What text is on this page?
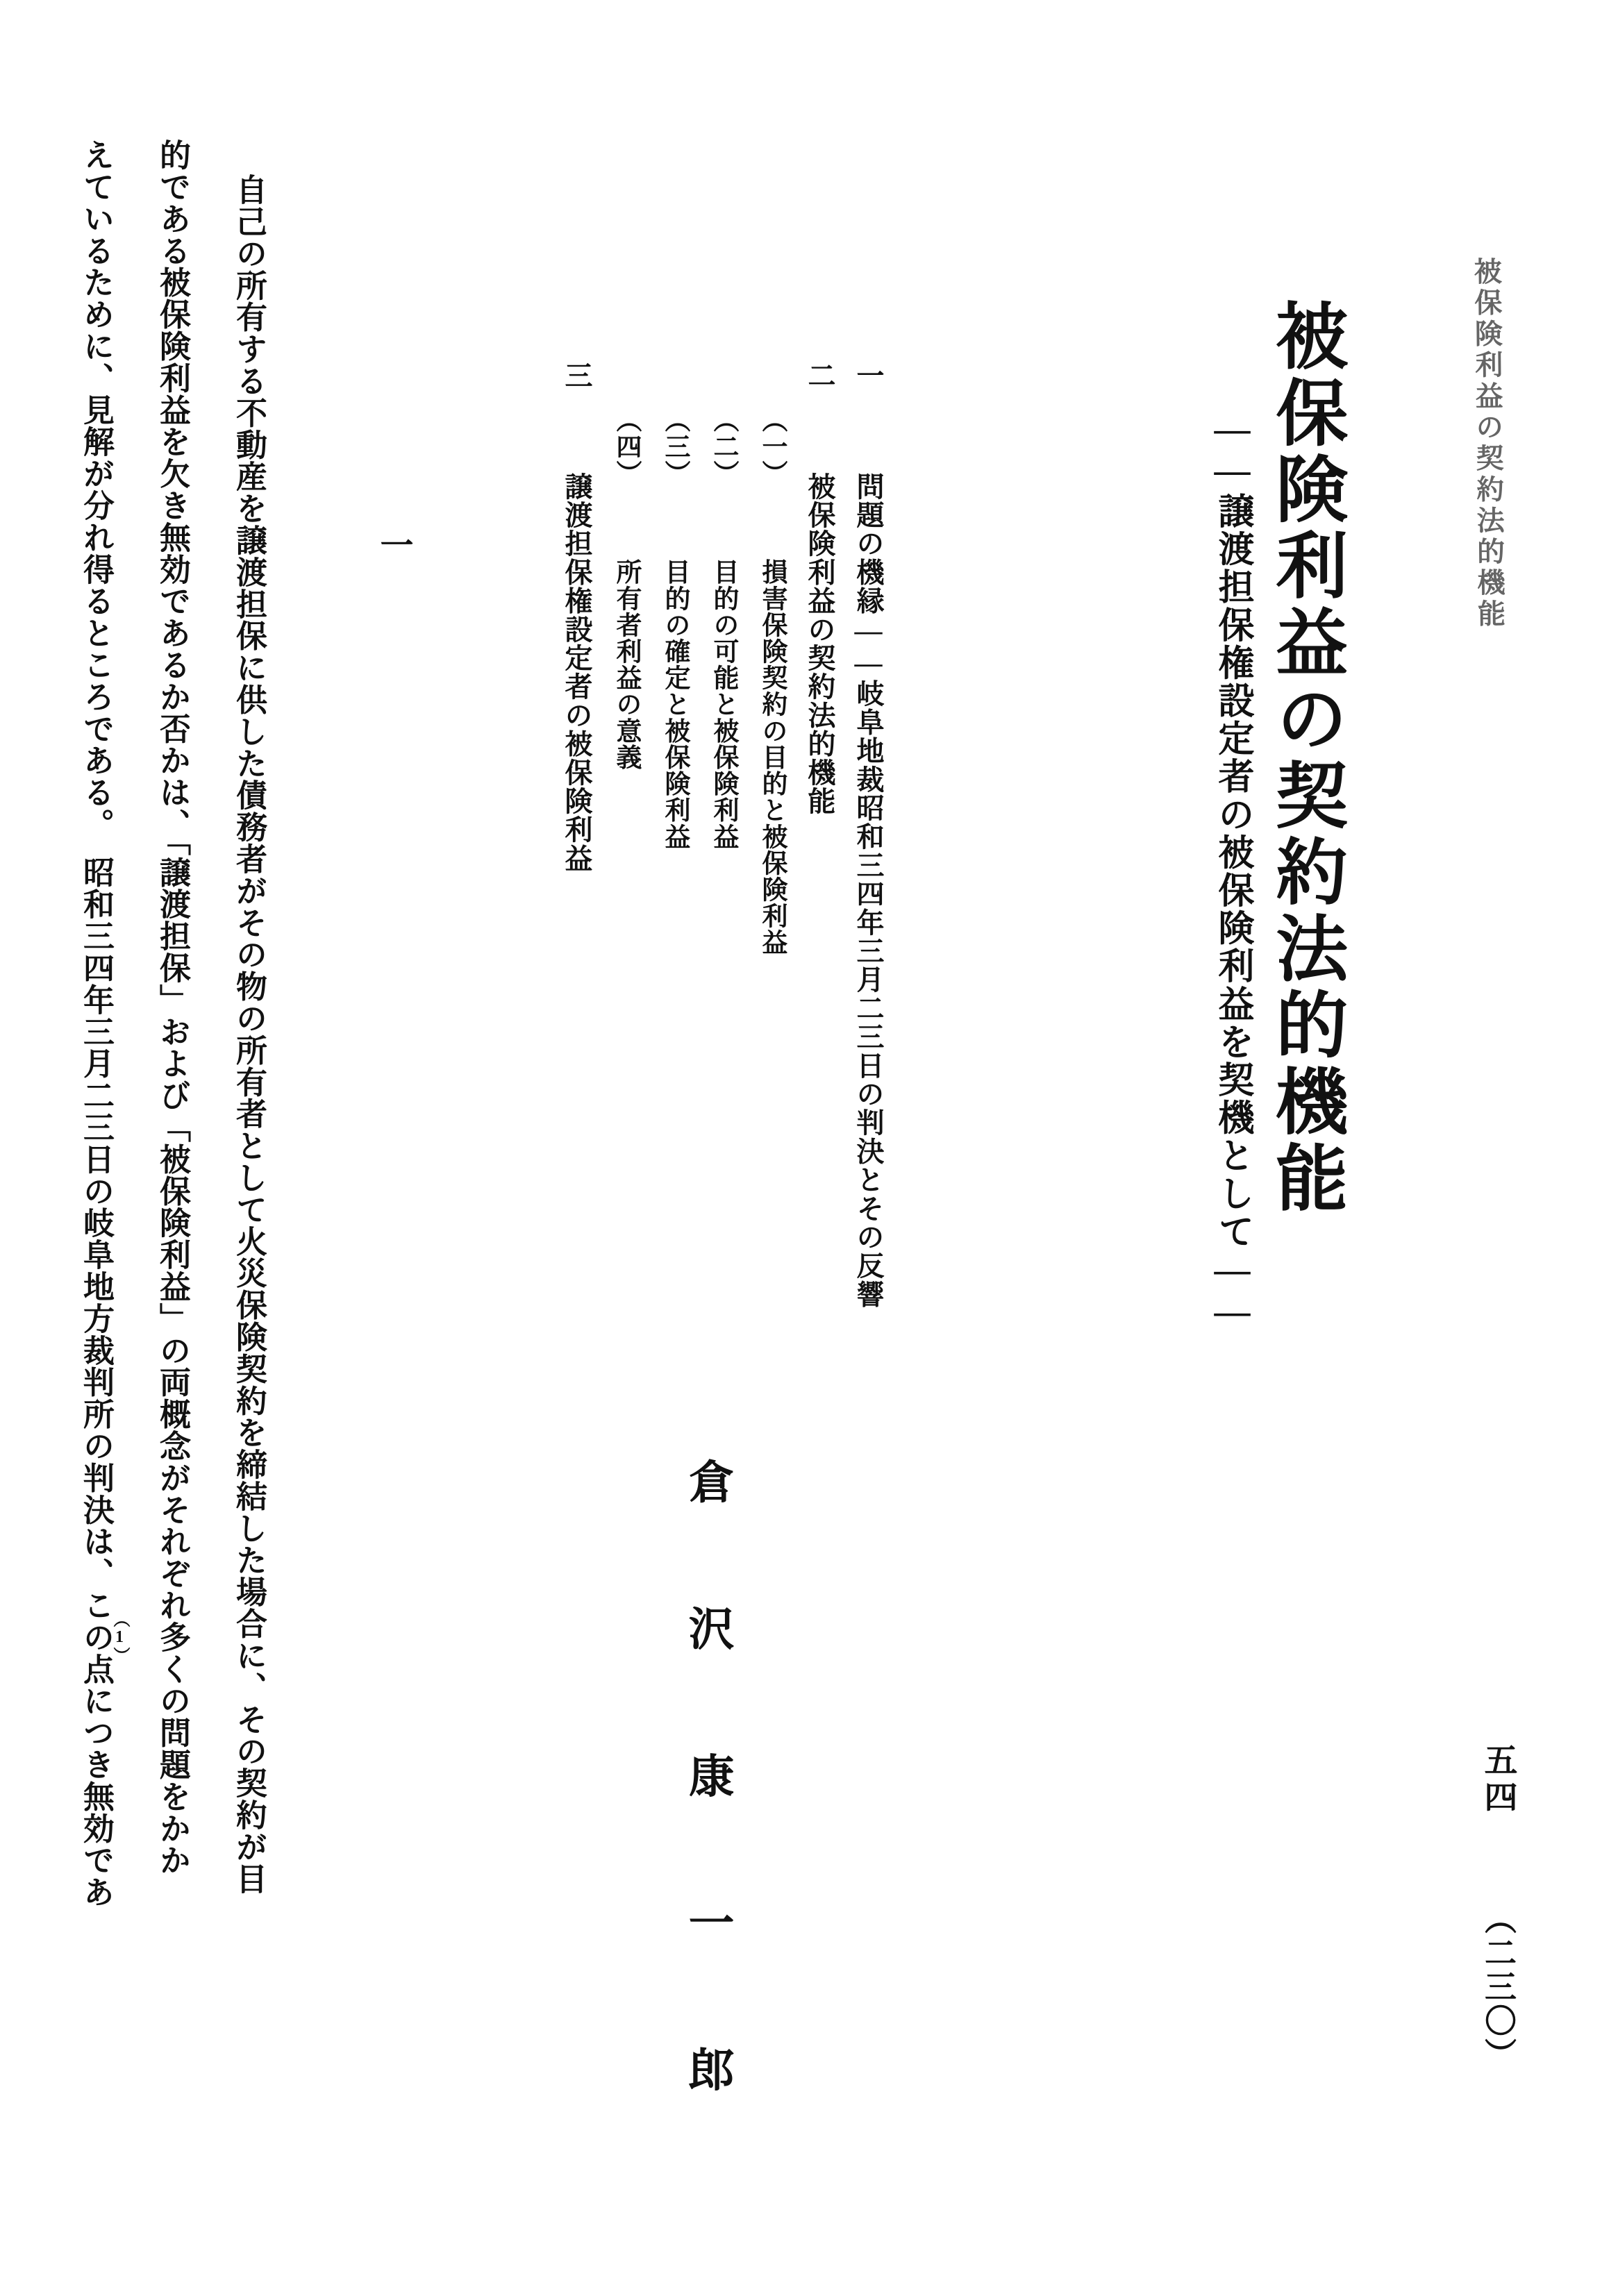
被保険利益の契約法的機能
五四
（二三〇）
被保険利益の契約法的機能
——譲渡担保権設定者の被保険利益を契機として——
倉 沢 康 一 郎
一  問題の機縁——岐阜地裁昭和三四年三月二三日の判決とその反響
二  被保険利益の契約法的機能
（一）  損害保険契約の目的と被保険利益
（二）  目的の可能と被保険利益
（三）  目的の確定と被保険利益
（四）  所有者利益の意義
三  譲渡担保権設定者の被保険利益
一
自己の所有する不動産を譲渡担保に供した債務者がその物の所有者として火災保険契約を締結した場合に、その契約が目
的である被保険利益を欠き無効であるか否かは、「譲渡担保」および「被保険利益」の両概念がそれぞれ多くの問題をかか
えているために、見解が分れ得るところである。　昭和三四年三月二三日の岐阜地方裁判所の判決は、この点につき無効であ
（1）
